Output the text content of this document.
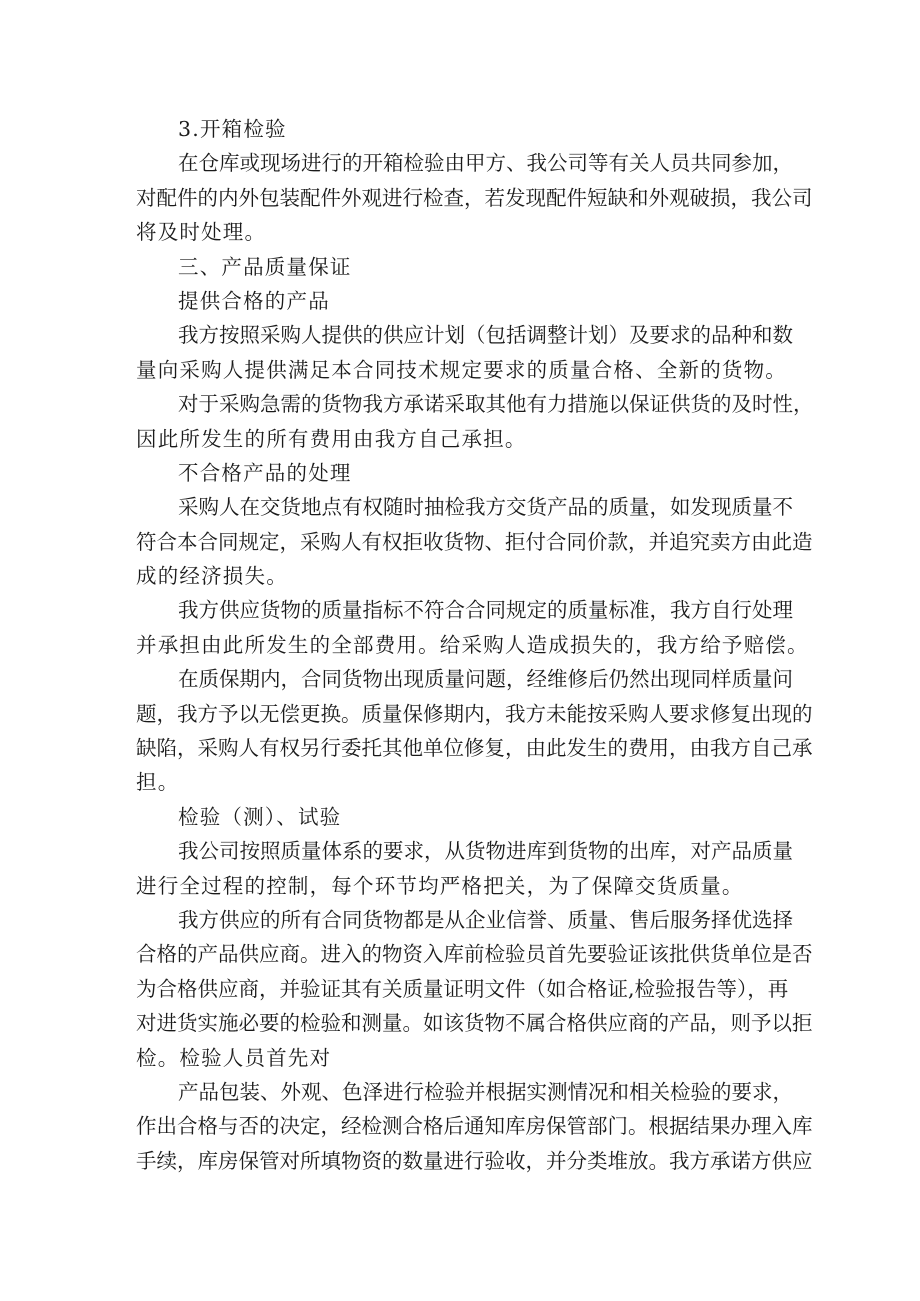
3.开箱检验
在仓库或现场进行的开箱检验由甲方、我公司等有关人员共同参加，
对配件的内外包装配件外观进行检查，若发现配件短缺和外观破损，我公司
将及时处理。
三、产品质量保证
提供合格的产品
我方按照采购人提供的供应计划（包括调整计划）及要求的品种和数
量向采购人提供满足本合同技术规定要求的质量合格、全新的货物。
对于采购急需的货物我方承诺采取其他有力措施以保证供货的及时性，
因此所发生的所有费用由我方自己承担。
不合格产品的处理
采购人在交货地点有权随时抽检我方交货产品的质量，如发现质量不
符合本合同规定，采购人有权拒收货物、拒付合同价款，并追究卖方由此造
成的经济损失。
我方供应货物的质量指标不符合合同规定的质量标准，我方自行处理
并承担由此所发生的全部费用。给采购人造成损失的，我方给予赔偿。
在质保期内，合同货物出现质量问题，经维修后仍然出现同样质量问
题，我方予以无偿更换。质量保修期内，我方未能按采购人要求修复出现的
缺陷，采购人有权另行委托其他单位修复，由此发生的费用，由我方自己承
担。
检验（测）、试验
我公司按照质量体系的要求，从货物进库到货物的出库，对产品质量
进行全过程的控制，每个环节均严格把关，为了保障交货质量。
我方供应的所有合同货物都是从企业信誉、质量、售后服务择优选择
合格的产品供应商。进入的物资入库前检验员首先要验证该批供货单位是否
为合格供应商，并验证其有关质量证明文件（如合格证,检验报告等），再
对进货实施必要的检验和测量。如该货物不属合格供应商的产品，则予以拒
检。检验人员首先对
产品包装、外观、色泽进行检验并根据实测情况和相关检验的要求，
作出合格与否的决定，经检测合格后通知库房保管部门。根据结果办理入库
手续，库房保管对所填物资的数量进行验收，并分类堆放。我方承诺方供应
